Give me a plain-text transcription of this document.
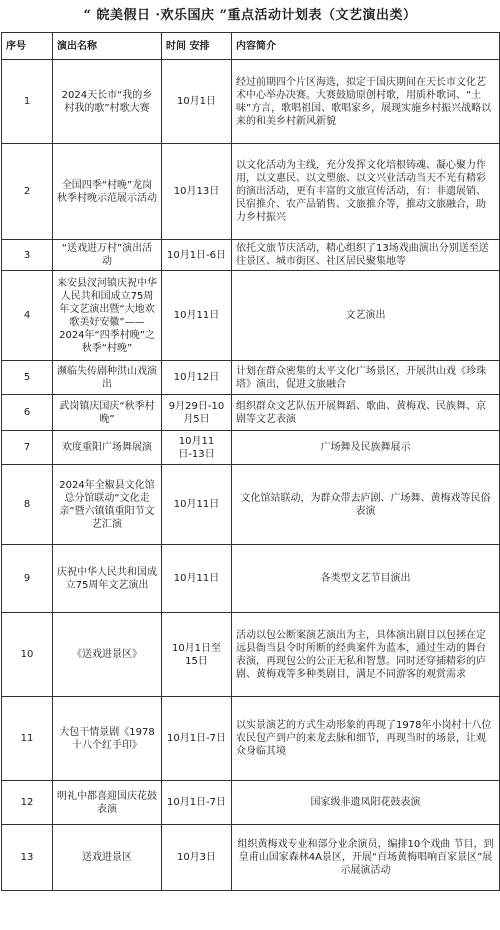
“ 皖美假日 ·欢乐国庆 ”重点活动计划表（文艺演出类）
序号	演出名称	时间 安排	内容简介
1	2024天长市“我的乡村我的歌”村歌大赛	10月1日	经过前期四个片区海选，拟定于国庆期间在天长市文化艺术中心举办决赛。大赛鼓励原创村歌，用质朴歌词、“土味”方言，歌唱祖国、歌唱家乡，展现实施乡村振兴战略以来的和美乡村新风新貌
2	全国四季“村晚”龙岗秋季村晚示范展示活动	10月13日	以文化活动为主线，充分发挥文化培根铸魂、凝心聚力作用，以文惠民、以文塑旅、以文兴业活动当天不光有精彩的演出活动，更有丰富的文旅宣传活动，有：非遗展销、民宿推介、农产品销售、文旅推介等，推动文旅融合，助力乡村振兴
3	“送戏进万村”演出活动	10月1日-6日	依托文旅节庆活动，精心组织了13场戏曲演出分别送至送往景区、城市街区、社区居民聚集地等
4	来安县汊河镇庆祝中华人民共和国成立75周年文艺演出暨“大地欢歌美好安徽”——2024年“四季村晚”之秋季“村晚”	10月11日	文艺演出
5	濒临失传剧种洪山戏演出	10月12日	计划在群众密集的太平文化广场景区，开展洪山戏《珍珠塔》演出，促进文旅融合
6	武岗镇庆国庆“秋季村晚”	9月29日-10月5日	组织群众文艺队伍开展舞蹈、歌曲、黄梅戏、民族舞、京剧等文艺表演
7	欢度重阳广场舞展演	10月11日-13日	广场舞及民族舞展示
8	2024年全椒县文化馆总分馆联动“文化走亲”暨六镇镇重阳节文艺汇演	10月11日	文化馆站联动，为群众带去庐剧、广场舞、黄梅戏等民俗表演
9	庆祝中华人民共和国成立75周年文艺演出	10月11日	各类型文艺节目演出
10	《送戏进景区》	10月1日至15日	活动以包公断案演艺演出为主，具体演出剧目以包拯在定远县衙当县令时所断的经典案件为蓝本，通过生动的舞台表演，再现包公的公正无私和智慧。同时还穿插精彩的庐剧、黄梅戏等多种类剧目，满足不同游客的观赏需求
11	大包干情景剧《1978十八个红手印》	10月1日-7日	以实景演艺的方式生动形象的再现了1978年小岗村十八位农民包产到户的来龙去脉和细节，再现当时的场景，让观众身临其境
12	明礼中都喜迎国庆花鼓表演	10月1日-7日	国家级非遗凤阳花鼓表演
13	送戏进景区	10月3日	组织黄梅戏专业和部分业余演员，编排10个戏曲 节目，到皇甫山国家森林4A景区，开展“百场黄梅唱响百家景区”展示展演活动
